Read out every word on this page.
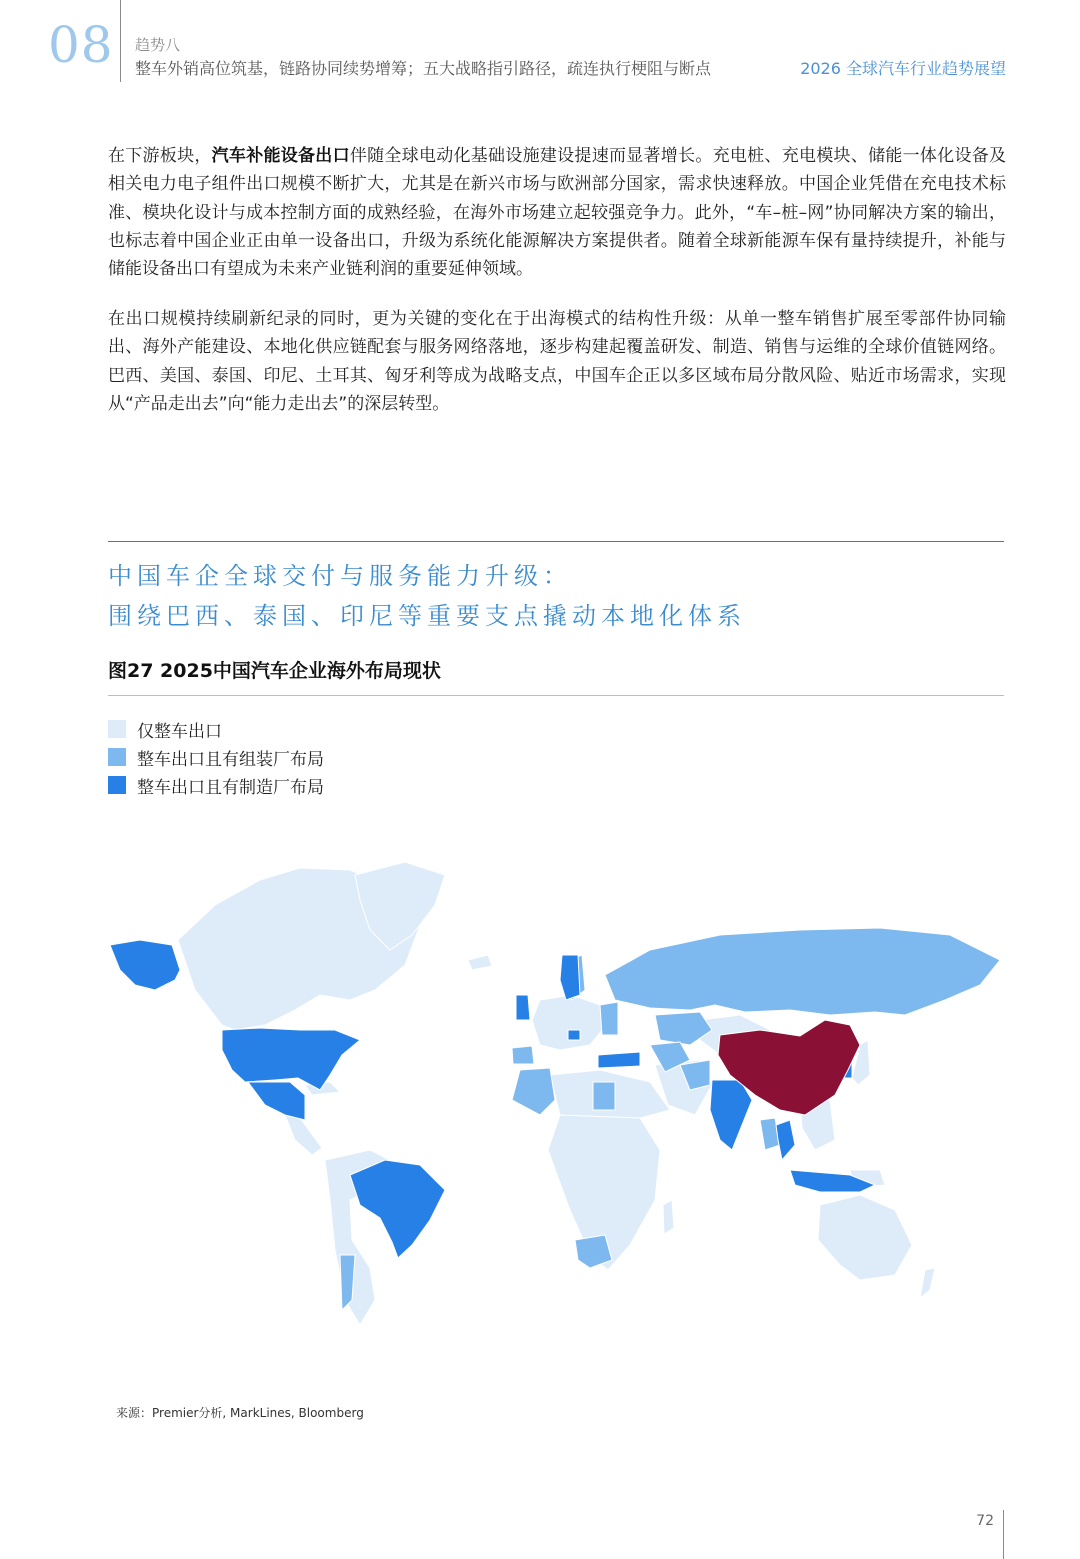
08 趋势八
整车外销高位筑基，链路协同续势增筹；五大战略指引路径，疏连执行梗阻与断点	2026 全球汽车行业趋势展望

在下游板块，汽车补能设备出口伴随全球电动化基础设施建设提速而显著增长。充电桩、充电模块、储能一体化设备及相关电力电子组件出口规模不断扩大，尤其是在新兴市场与欧洲部分国家，需求快速释放。中国企业凭借在充电技术标准、模块化设计与成本控制方面的成熟经验，在海外市场建立起较强竞争力。此外，“车–桩–网”协同解决方案的输出，也标志着中国企业正由单一设备出口，升级为系统化能源解决方案提供者。随着全球新能源车保有量持续提升，补能与储能设备出口有望成为未来产业链利润的重要延伸领域。

在出口规模持续刷新纪录的同时，更为关键的变化在于出海模式的结构性升级：从单一整车销售扩展至零部件协同输出、海外产能建设、本地化供应链配套与服务网络落地，逐步构建起覆盖研发、制造、销售与运维的全球价值链网络。巴西、美国、泰国、印尼、土耳其、匈牙利等成为战略支点，中国车企正以多区域布局分散风险、贴近市场需求，实现从“产品走出去”向“能力走出去”的深层转型。

中国车企全球交付与服务能力升级：
围绕巴西、泰国、印尼等重要支点撬动本地化体系
图27 2025中国汽车企业海外布局现状
仅整车出口
整车出口且有组装厂布局
整车出口且有制造厂布局
来源：Premier分析, MarkLines, Bloomberg
72
